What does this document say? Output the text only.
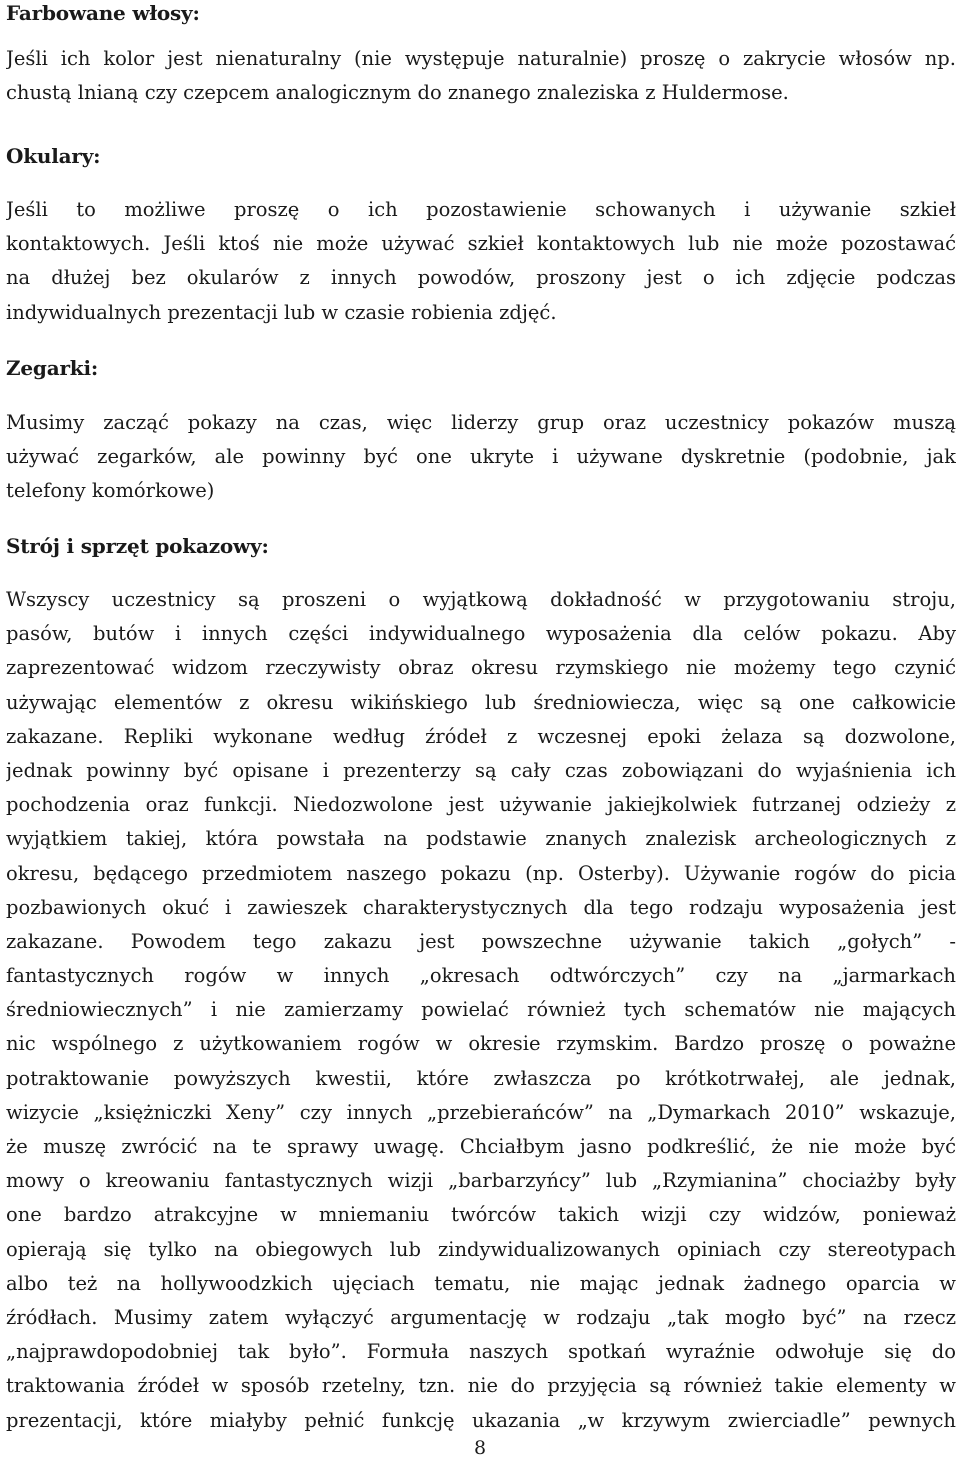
Farbowane włosy:
Jeśli ich kolor jest nienaturalny (nie występuje naturalnie) proszę o zakrycie włosów np.
chustą lnianą czy czepcem analogicznym do znanego znaleziska z Huldermose.
Okulary:
Jeśli to możliwe proszę o ich pozostawienie schowanych i używanie szkieł
kontaktowych. Jeśli ktoś nie może używać szkieł kontaktowych lub nie może pozostawać
na dłużej bez okularów z innych powodów, proszony jest o ich zdjęcie podczas
indywidualnych prezentacji lub w czasie robienia zdjęć.
Zegarki:
Musimy zacząć pokazy na czas, więc liderzy grup oraz uczestnicy pokazów muszą
używać zegarków, ale powinny być one ukryte i używane dyskretnie (podobnie, jak
telefony komórkowe)
Strój i sprzęt pokazowy:
Wszyscy uczestnicy są proszeni o wyjątkową dokładność w przygotowaniu stroju,
pasów, butów i innych części indywidualnego wyposażenia dla celów pokazu. Aby
zaprezentować widzom rzeczywisty obraz okresu rzymskiego nie możemy tego czynić
używając elementów z okresu wikińskiego lub średniowiecza, więc są one całkowicie
zakazane. Repliki wykonane według źródeł z wczesnej epoki żelaza są dozwolone,
jednak powinny być opisane i prezenterzy są cały czas zobowiązani do wyjaśnienia ich
pochodzenia oraz funkcji. Niedozwolone jest używanie jakiejkolwiek futrzanej odzieży z
wyjątkiem takiej, która powstała na podstawie znanych znalezisk archeologicznych z
okresu, będącego przedmiotem naszego pokazu (np. Osterby). Używanie rogów do picia
pozbawionych okuć i zawieszek charakterystycznych dla tego rodzaju wyposażenia jest
zakazane. Powodem tego zakazu jest powszechne używanie takich „gołych” -
fantastycznych rogów w innych „okresach odtwórczych” czy na „jarmarkach
średniowiecznych” i nie zamierzamy powielać również tych schematów nie mających
nic wspólnego z użytkowaniem rogów w okresie rzymskim. Bardzo proszę o poważne
potraktowanie powyższych kwestii, które zwłaszcza po krótkotrwałej, ale jednak,
wizycie „księżniczki Xeny” czy innych „przebierańców” na „Dymarkach 2010” wskazuje,
że muszę zwrócić na te sprawy uwagę. Chciałbym jasno podkreślić, że nie może być
mowy o kreowaniu fantastycznych wizji „barbarzyńcy” lub „Rzymianina” chociażby były
one bardzo atrakcyjne w mniemaniu twórców takich wizji czy widzów, ponieważ
opierają się tylko na obiegowych lub zindywidualizowanych opiniach czy stereotypach
albo też na hollywoodzkich ujęciach tematu, nie mając jednak żadnego oparcia w
źródłach. Musimy zatem wyłączyć argumentację w rodzaju „tak mogło być” na rzecz
„najprawdopodobniej tak było”. Formuła naszych spotkań wyraźnie odwołuje się do
traktowania źródeł w sposób rzetelny, tzn. nie do przyjęcia są również takie elementy w
prezentacji, które miałyby pełnić funkcję ukazania „w krzywym zwierciadle” pewnych
8
